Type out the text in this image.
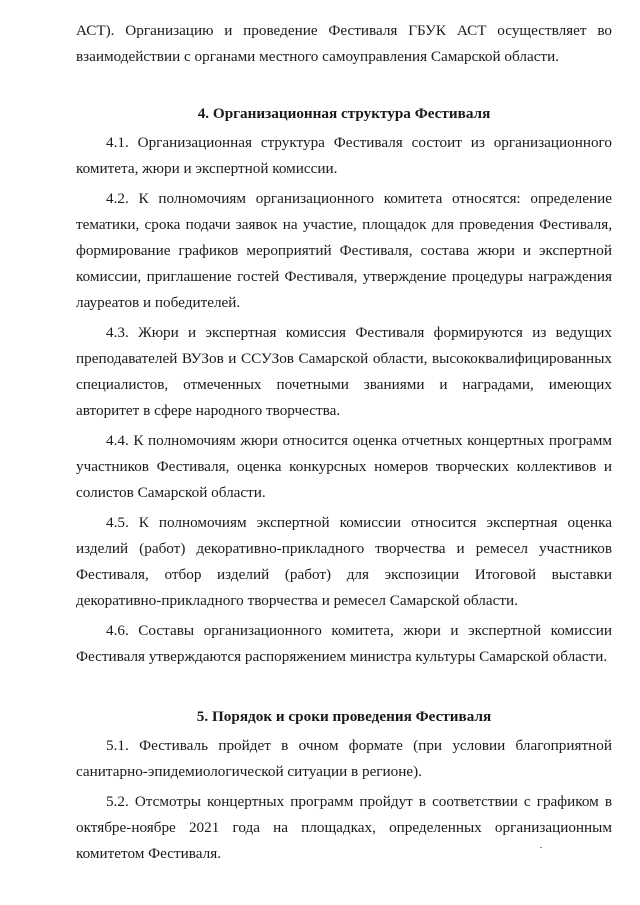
АСТ). Организацию и проведение Фестиваля ГБУК АСТ осуществляет во взаимодействии с органами местного самоуправления Самарской области.

4. Организационная структура Фестиваля

4.1. Организационная структура Фестиваля состоит из организационного комитета, жюри и экспертной комиссии.

4.2. К полномочиям организационного комитета относятся: определение тематики, срока подачи заявок на участие, площадок для проведения Фестиваля, формирование графиков мероприятий Фестиваля, состава жюри и экспертной комиссии, приглашение гостей Фестиваля, утверждение процедуры награждения лауреатов и победителей.

4.3. Жюри и экспертная комиссия Фестиваля формируются из ведущих преподавателей ВУЗов и ССУЗов Самарской области, высококвалифицированных специалистов, отмеченных почетными званиями и наградами, имеющих авторитет в сфере народного творчества.

4.4. К полномочиям жюри относится оценка отчетных концертных программ участников Фестиваля, оценка конкурсных номеров творческих коллективов и солистов Самарской области.

4.5. К полномочиям экспертной комиссии относится экспертная оценка изделий (работ) декоративно-прикладного творчества и ремесел участников Фестиваля, отбор изделий (работ) для экспозиции Итоговой выставки декоративно-прикладного творчества и ремесел Самарской области.

4.6. Составы организационного комитета, жюри и экспертной комиссии Фестиваля утверждаются распоряжением министра культуры Самарской области.

5. Порядок и сроки проведения Фестиваля

5.1. Фестиваль пройдет в очном формате (при условии благоприятной санитарно-эпидемиологической ситуации в регионе).

5.2. Отсмотры концертных программ пройдут в соответствии с графиком в октябре-ноябре 2021 года на площадках, определенных организационным комитетом Фестиваля.
